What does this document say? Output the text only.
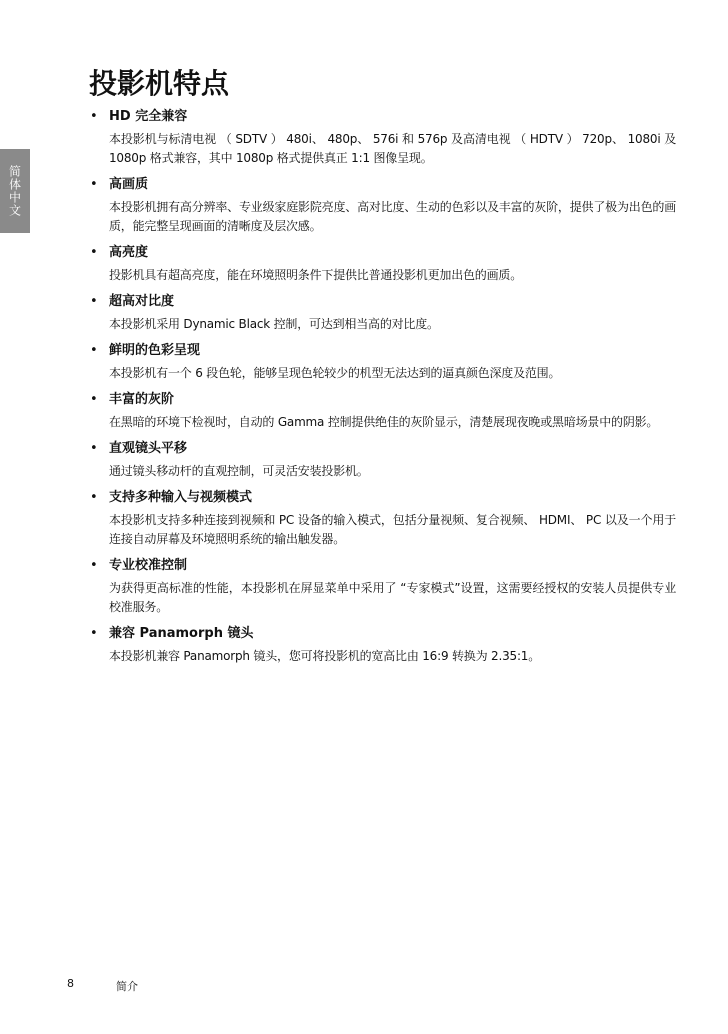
简体中文
投影机特点
• HD 完全兼容

本投影机与标清电视 （ SDTV ） 480i、 480p、 576i 和 576p 及高清电视 （ HDTV ） 720p、 1080i 及 1080p 格式兼容，其中 1080p 格式提供真正 1:1 图像呈现。

• 高画质

本投影机拥有高分辨率、专业级家庭影院亮度、高对比度、生动的色彩以及丰富的灰阶，提供了极为出色的画质，能完整呈现画面的清晰度及层次感。

• 高亮度

投影机具有超高亮度，能在环境照明条件下提供比普通投影机更加出色的画质。

• 超高对比度

本投影机采用 Dynamic Black 控制，可达到相当高的对比度。

• 鲜明的色彩呈现

本投影机有一个 6 段色轮，能够呈现色轮较少的机型无法达到的逼真颜色深度及范围。

• 丰富的灰阶

在黑暗的环境下检视时，自动的 Gamma 控制提供绝佳的灰阶显示，清楚展现夜晚或黑暗场景中的阴影。

• 直观镜头平移

通过镜头移动杆的直观控制，可灵活安装投影机。

• 支持多种输入与视频模式

本投影机支持多种连接到视频和 PC 设备的输入模式，包括分量视频、复合视频、 HDMI、 PC 以及一个用于连接自动屏幕及环境照明系统的输出触发器。

• 专业校准控制

为获得更高标准的性能，本投影机在屏显菜单中采用了 “专家模式”设置，这需要经授权的安装人员提供专业校准服务。

• 兼容 Panamorph 镜头

本投影机兼容 Panamorph 镜头，您可将投影机的宽高比由 16:9 转换为 2.35:1。

8	简介
